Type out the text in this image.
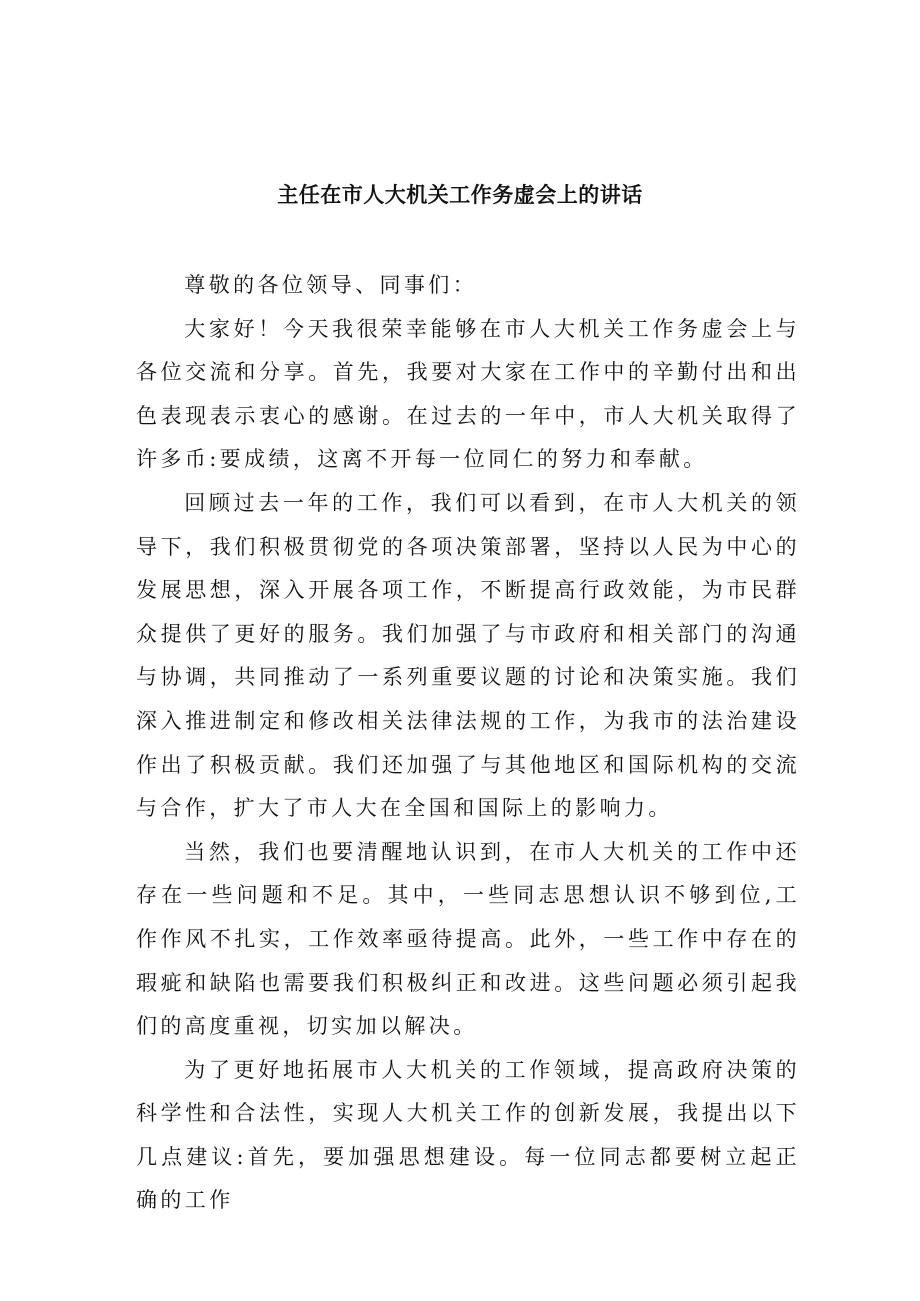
主任在市人大机关工作务虚会上的讲话

尊敬的各位领导、同事们：

大家好！今天我很荣幸能够在市人大机关工作务虚会上与各位交流和分享。首先，我要对大家在工作中的辛勤付出和出色表现表示衷心的感谢。在过去的一年中，市人大机关取得了许多币:要成绩，这离不开每一位同仁的努力和奉献。

回顾过去一年的工作，我们可以看到，在市人大机关的领导下，我们积极贯彻党的各项决策部署，坚持以人民为中心的发展思想，深入开展各项工作，不断提高行政效能，为市民群众提供了更好的服务。我们加强了与市政府和相关部门的沟通与协调，共同推动了一系列重要议题的讨论和决策实施。我们深入推进制定和修改相关法律法规的工作，为我市的法治建设作出了积极贡献。我们还加强了与其他地区和国际机构的交流与合作，扩大了市人大在全国和国际上的影响力。

当然，我们也要清醒地认识到，在市人大机关的工作中还存在一些问题和不足。其中，一些同志思想认识不够到位,工作作风不扎实，工作效率亟待提高。此外，一些工作中存在的瑕疵和缺陷也需要我们积极纠正和改进。这些问题必须引起我们的高度重视，切实加以解决。

为了更好地拓展市人大机关的工作领域，提高政府决策的科学性和合法性，实现人大机关工作的创新发展，我提出以下几点建议:首先，要加强思想建设。每一位同志都要树立起正确的工作
